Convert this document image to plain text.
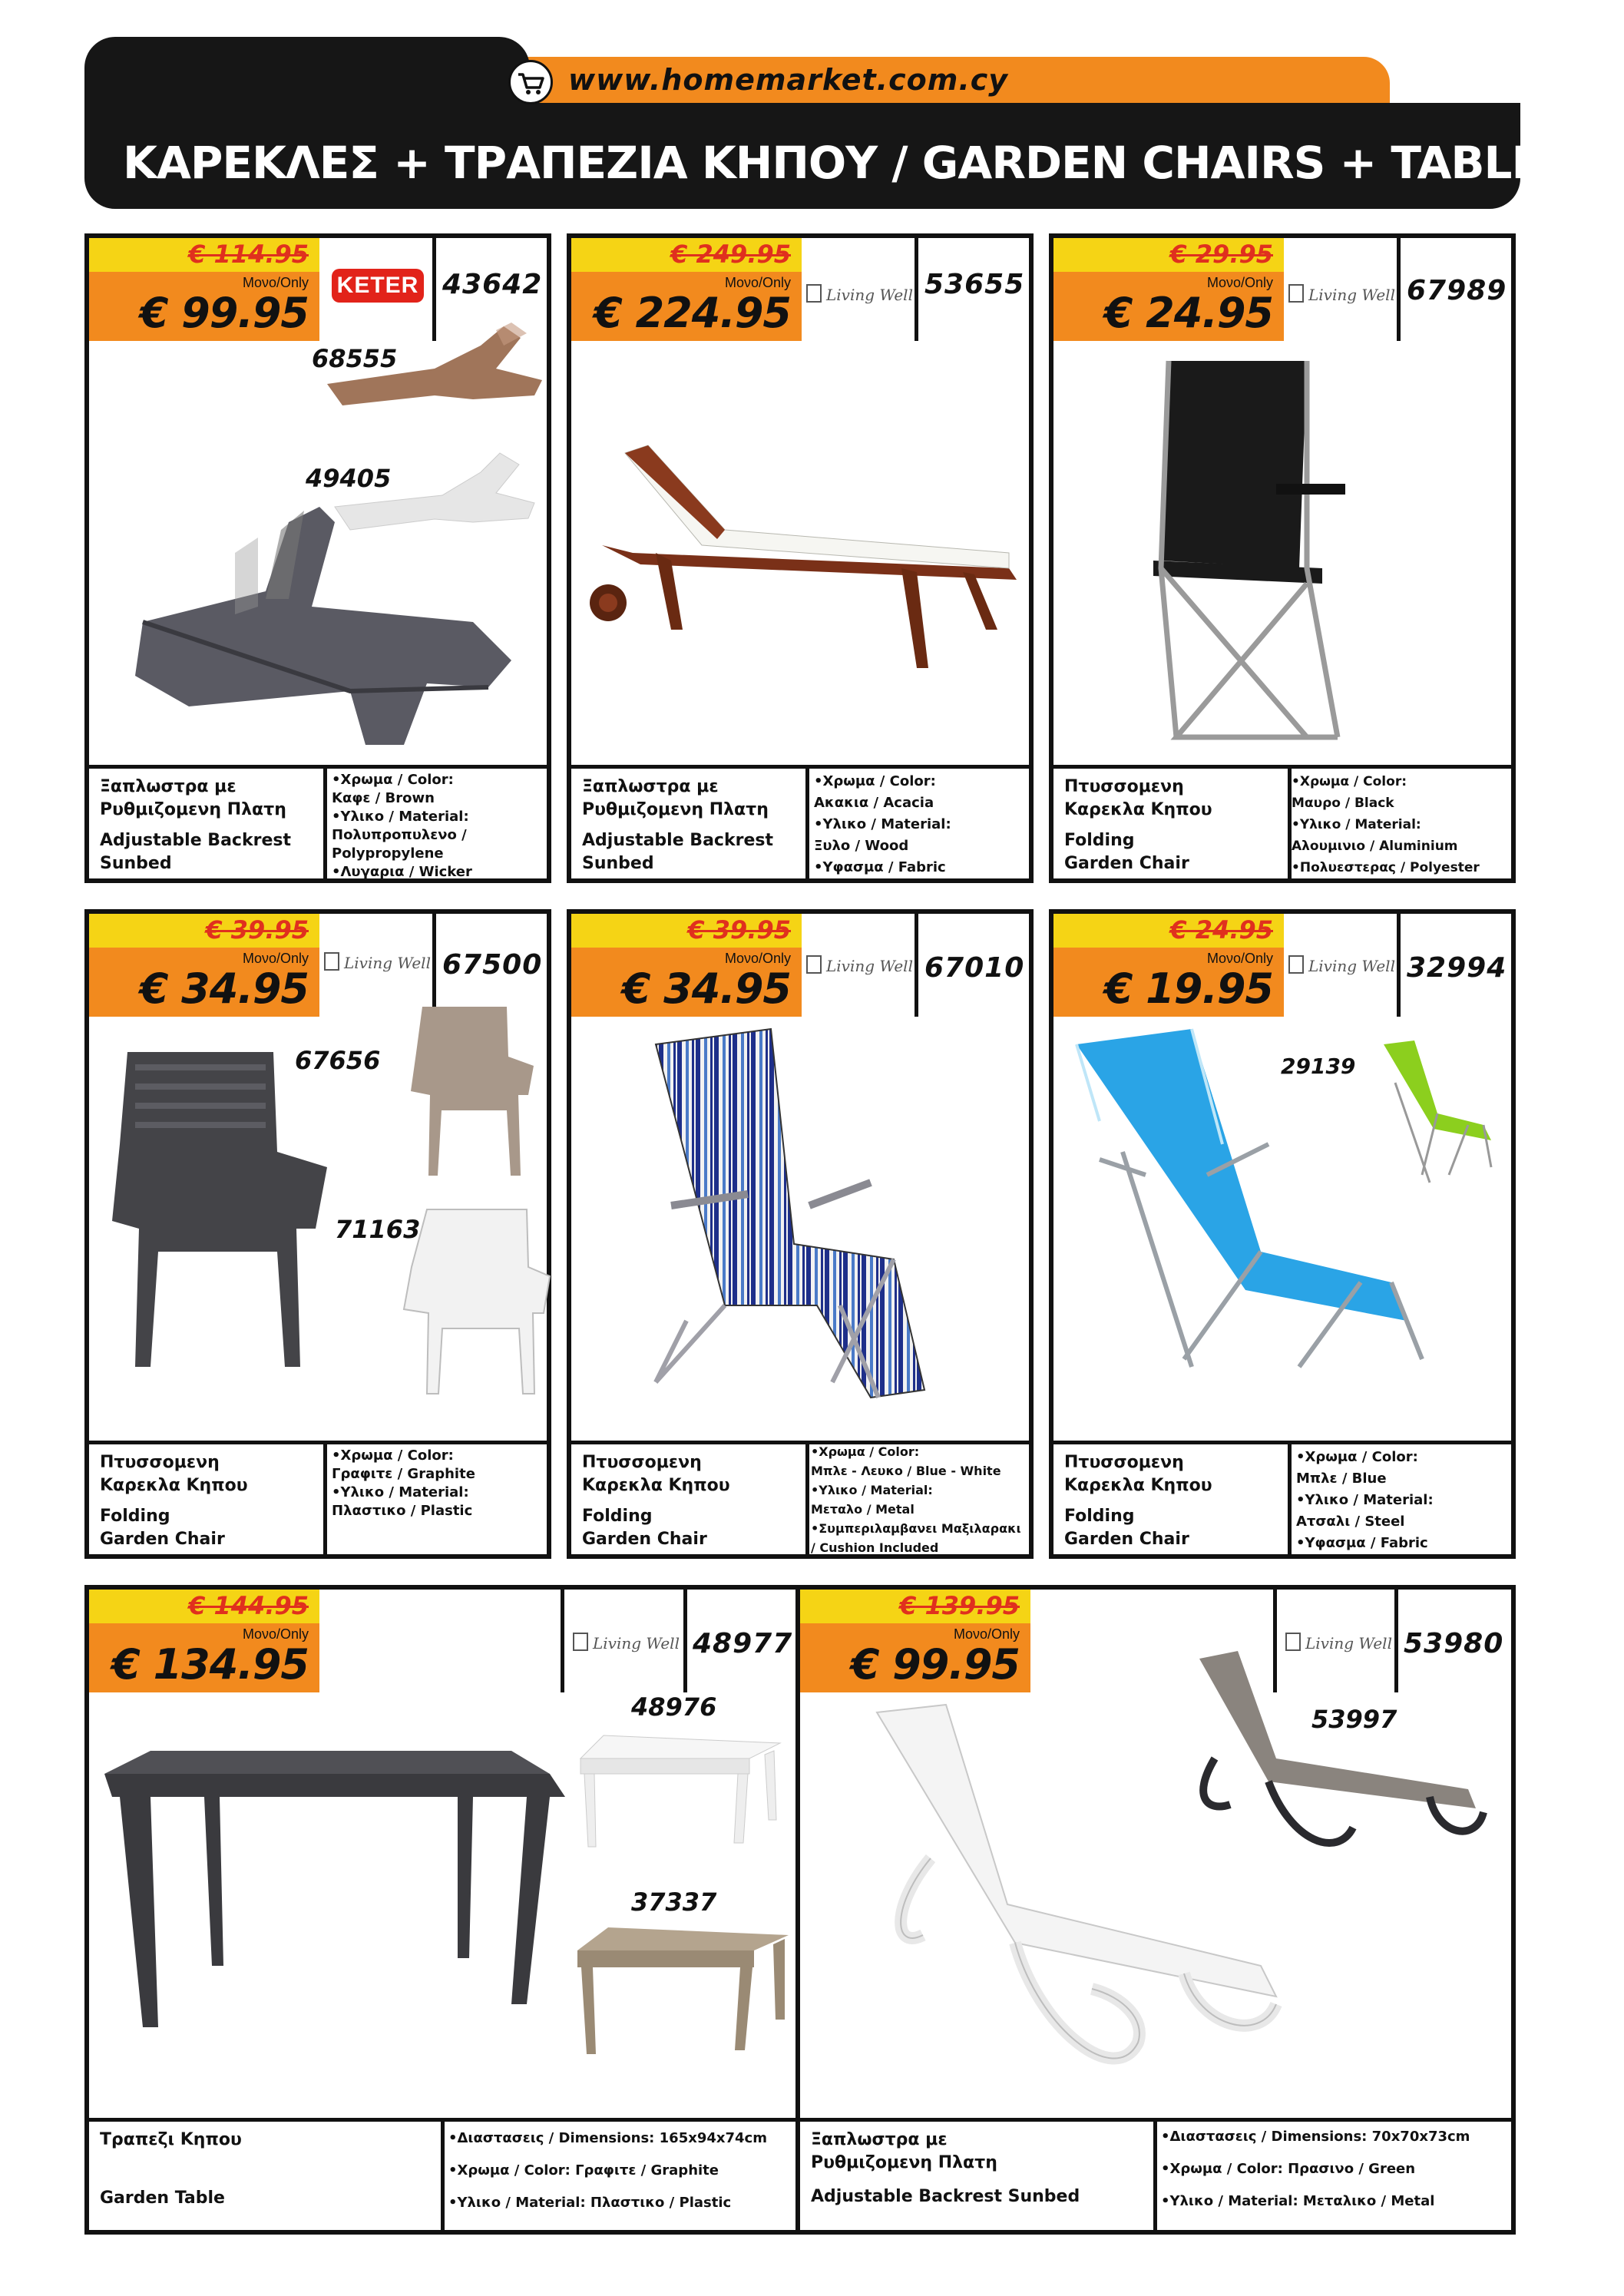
www.homemarket.com.cy
ΚΑΡΕΚΛΕΣ + ΤΡΑΠΕΖΙΑ ΚΗΠΟΥ / GARDEN CHAIRS + TABLES
€ 114.95
Μονο/Only
€ 99.95
KETER 43642
68555
49405
Ξαπλωστρα με
Ρυθμιζομενη Πλατη
Adjustable Backrest
Sunbed
•Χρωμα / Color:
Καφε / Brown
•Υλικο / Material:
Πολυπροπυλενο /
Polypropylene
•Λυγαρια / Wicker
€ 249.95
Μονο/Only
€ 224.95	Living Well 53655
Ξαπλωστρα με
Ρυθμιζομενη Πλατη
Adjustable Backrest
Sunbed
•Χρωμα / Color:
Ακακια / Acacia
•Υλικο / Material:
Ξυλο / Wood
•Υφασμα / Fabric
€ 29.95
Μονο/Only
€ 24.95	Living Well 67989
Πτυσσομενη
Καρεκλα Κηπου
Folding
Garden Chair
•Χρωμα / Color:
Μαυρο / Black
•Υλικο / Material:
Αλουμινιο / Aluminium
•Πολυεστερας / Polyester
€ 39.95
Μονο/Only
€ 34.95
Living Well 67500
67656
71163
Πτυσσομενη
Καρεκλα Κηπου
Folding
Garden Chair
•Χρωμα / Color:
Γραφιτε / Graphite
•Υλικο / Material:
Πλαστικο / Plastic
€ 39.95
Μονο/Only
€ 34.95	Living Well 67010
Πτυσσομενη
Καρεκλα Κηπου
Folding
Garden Chair
•Χρωμα / Color:
Μπλε - Λευκο / Blue - White
•Υλικο / Material:
Μεταλο / Metal
•Συμπεριλαμβανει Μαξιλαρακι
/ Cushion Included
€ 24.95
Μονο/Only
€ 19.95	Living Well 32994
29139
Πτυσσομενη
Καρεκλα Κηπου
Folding
Garden Chair
•Χρωμα / Color:
Μπλε / Blue
•Υλικο / Material:
Ατσαλι / Steel
•Υφασμα / Fabric
€ 144.95
Μονο/Only
€ 134.95	Living Well 48977
48976
37337
Τραπεζι Κηπου
Garden Table
•Διαστασεις / Dimensions: 165x94x74cm
•Χρωμα / Color: Γραφιτε / Graphite
•Υλικο / Material: Πλαστικο / Plastic
€ 139.95
Μονο/Only
€ 99.95	Living Well 53980
53997
Ξαπλωστρα με
Ρυθμιζομενη Πλατη
Adjustable Backrest Sunbed
•Διαστασεις / Dimensions: 70x70x73cm
•Χρωμα / Color: Πρασινο / Green
•Υλικο / Material: Μεταλικο / Metal
